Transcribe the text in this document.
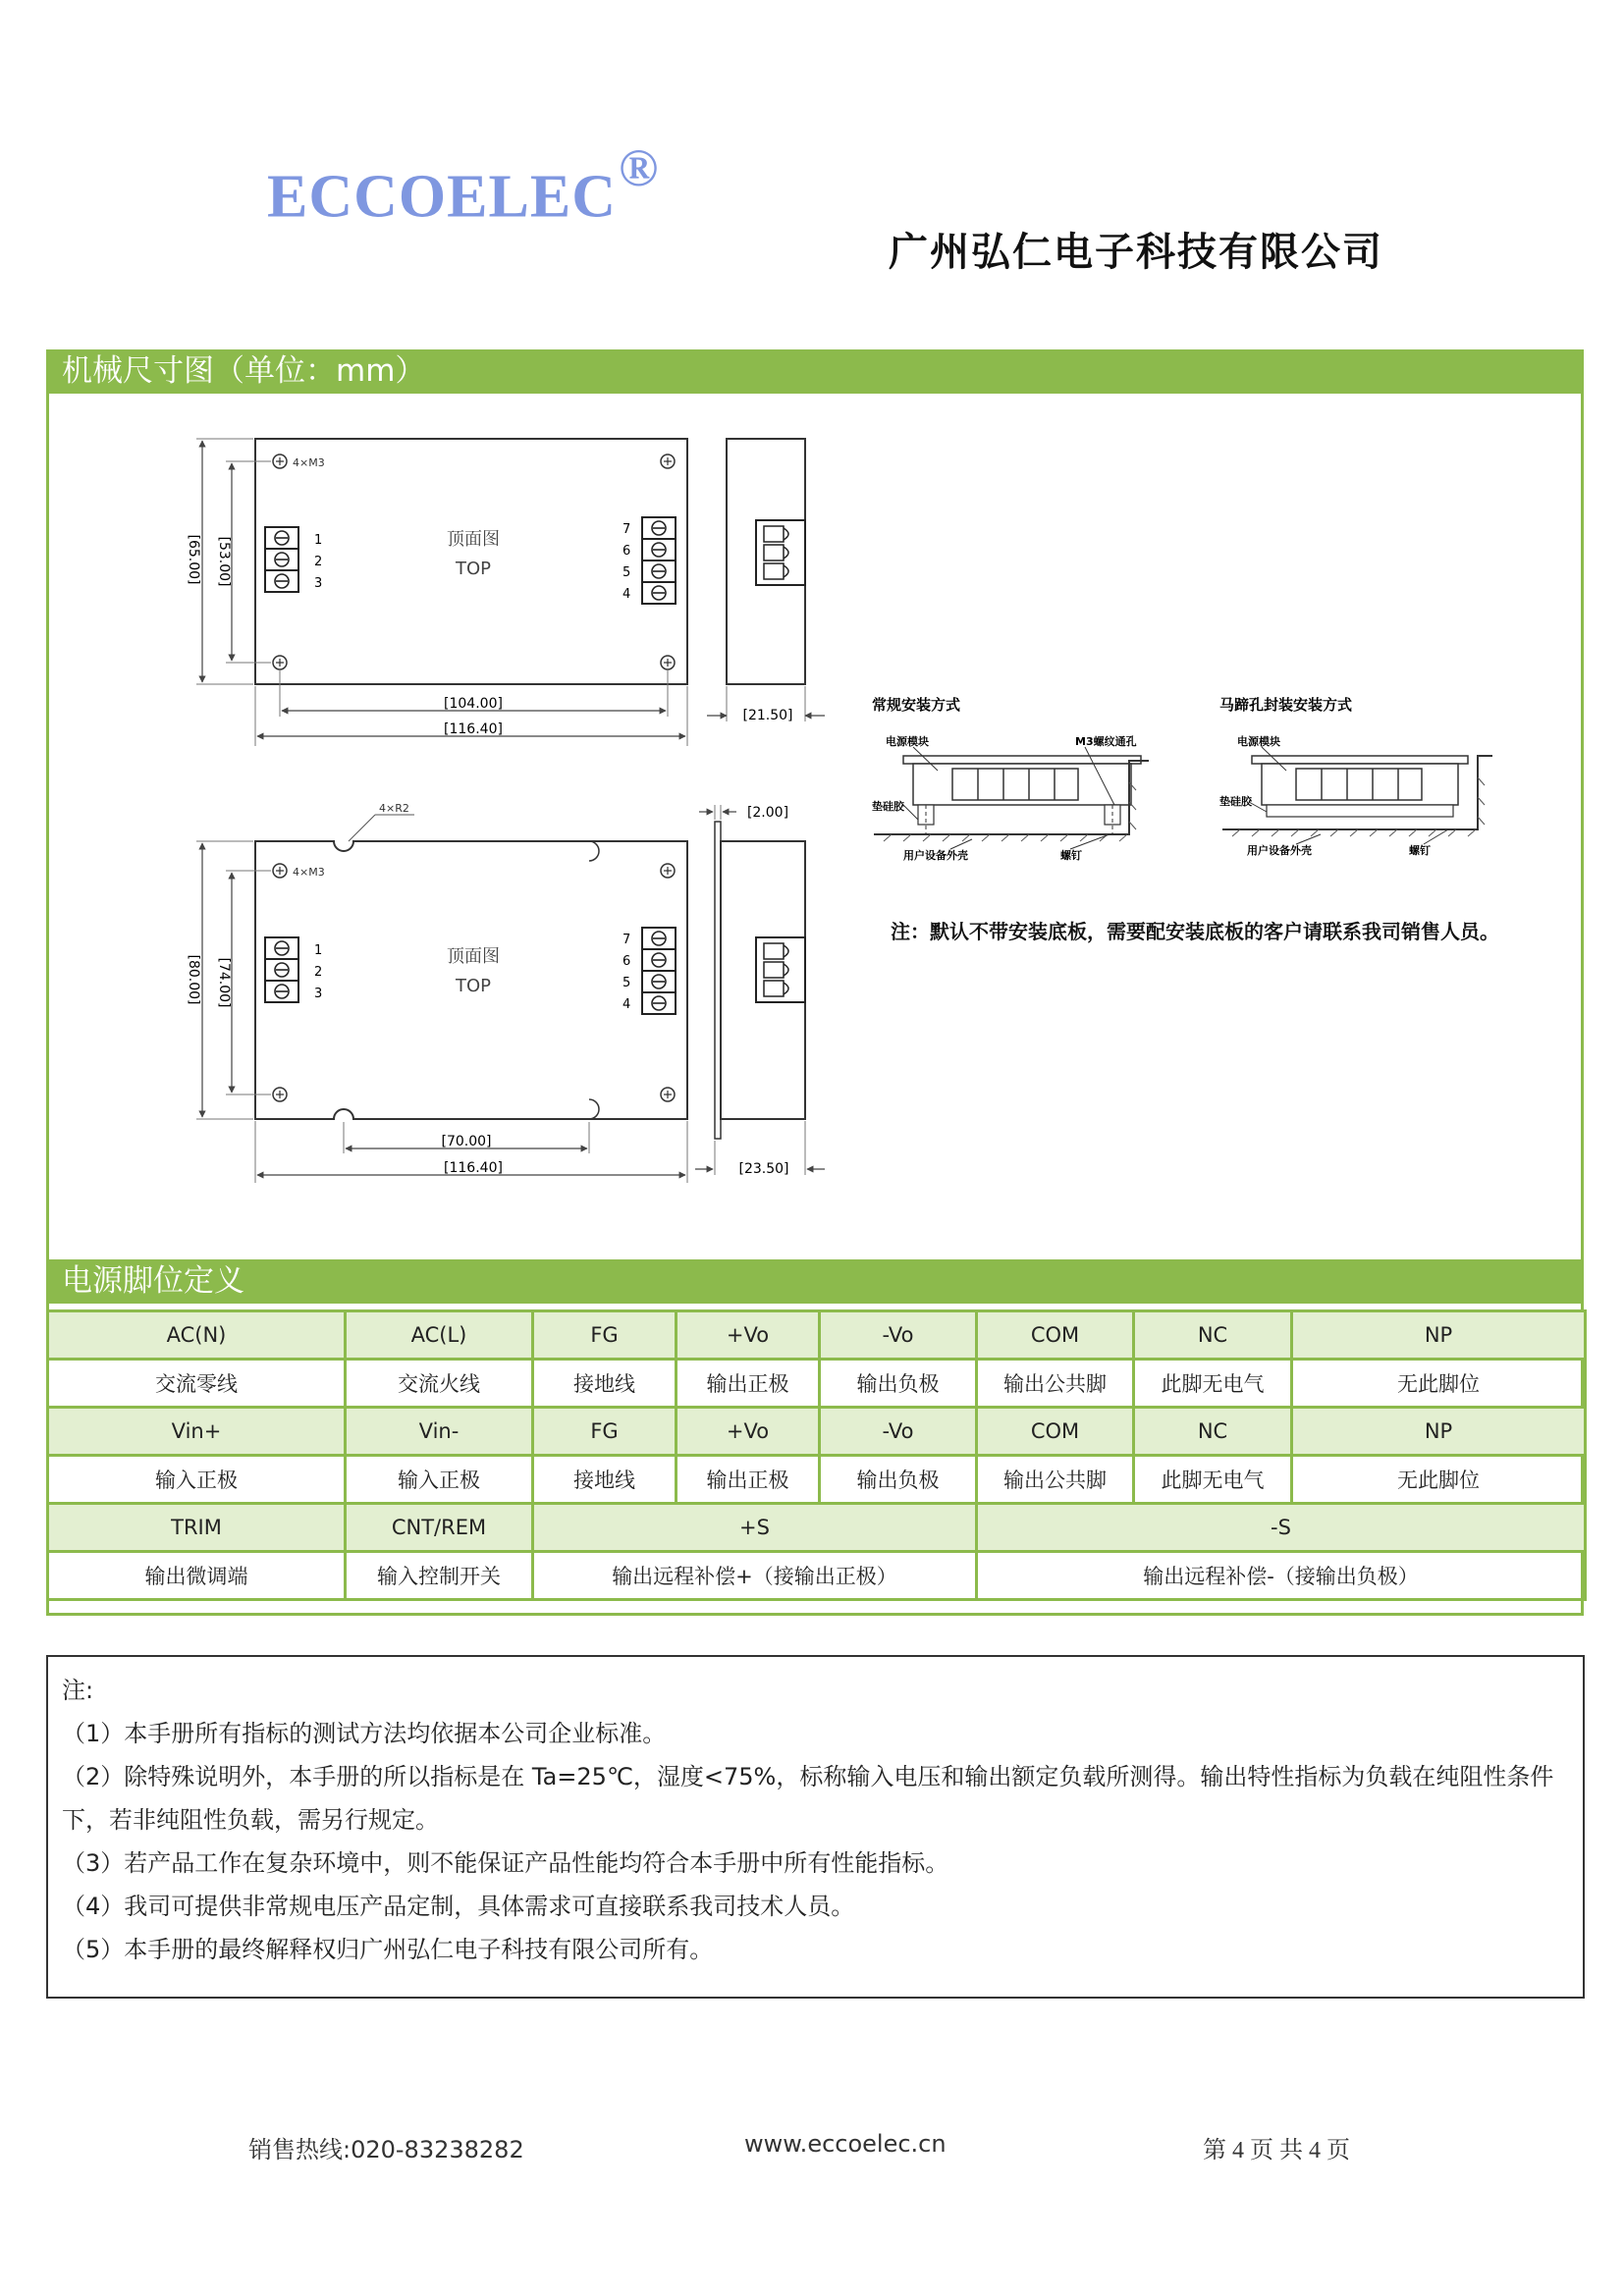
ECCOELEC®
广州弘仁电子科技有限公司
机械尺寸图（单位：mm）
4×M3
1
2
3
7
6
5
4
顶面图
TOP
[65.00] [53.00]
[104.00]
[116.40]
[21.50]
4×M3
4×R2
1
2
3
7
6
5
4
顶面图
TOP
[80.00] [74.00]
[70.00]
[116.40]
[2.00]
[23.50]
常规安装方式
电源模块	M3螺纹通孔
垫硅胶
用户设备外壳	螺钉
马蹄孔封装安装方式
电源模块
垫硅胶
用户设备外壳	螺钉
注：默认不带安装底板，需要配安装底板的客户请联系我司销售人员。
电源脚位定义
AC(N)	AC(L)	FG	+Vo	-Vo	COM	NC	NP
交流零线	交流火线	接地线	输出正极	输出负极	输出公共脚	此脚无电气	无此脚位
Vin+	Vin-	FG	+Vo	-Vo	COM	NC	NP
输入正极	输入正极	接地线	输出正极	输出负极	输出公共脚	此脚无电气	无此脚位
TRIM	CNT/REM	+S			-S		
输出微调端	输入控制开关	输出远程补偿+（接输出正极）			输出远程补偿-（接输出负极）		

注:

（1）本手册所有指标的测试方法均依据本公司企业标准。

（2）除特殊说明外，本手册的所以指标是在 Ta=25℃，湿度<75%，标称输入电压和输出额定负载所测得。输出特性指标为负载在纯阻性条件下，若非纯阻性负载，需另行规定。

（3）若产品工作在复杂环境中，则不能保证产品性能均符合本手册中所有性能指标。

（4）我司可提供非常规电压产品定制，具体需求可直接联系我司技术人员。

（5）本手册的最终解释权归广州弘仁电子科技有限公司所有。

销售热线:020-83238282	www.eccoelec.cn	第 4 页 共 4 页
